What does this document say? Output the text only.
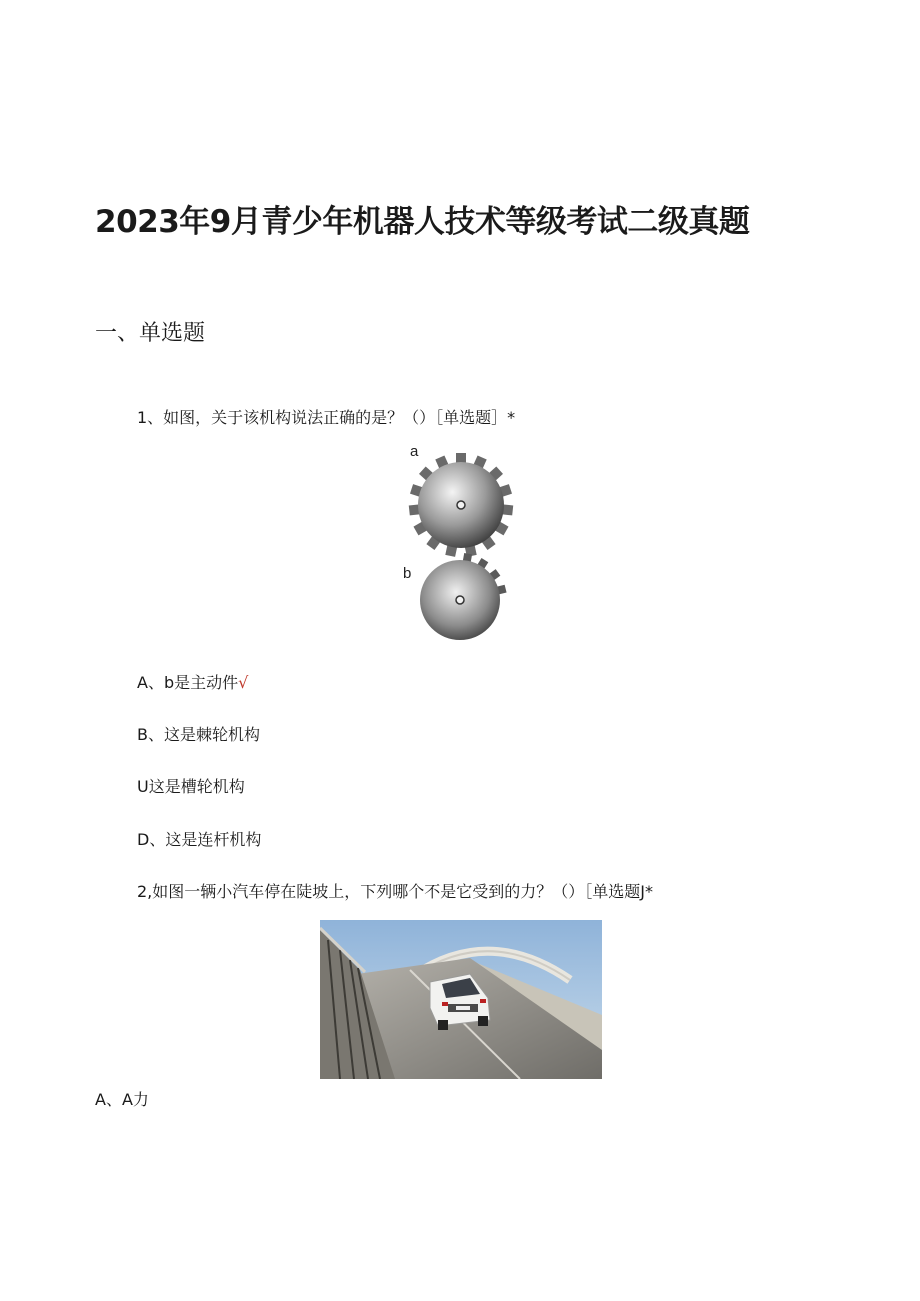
2023年9月青少年机器人技术等级考试二级真题
一、单选题
1、如图，关于该机构说法正确的是？（）［单选题］*
a
b
A、b是主动件√
B、这是棘轮机构
U这是槽轮机构
D、这是连杆机构
2,如图一辆小汽车停在陡坡上，下列哪个不是它受到的力？（）［单选题J*
A、A力
